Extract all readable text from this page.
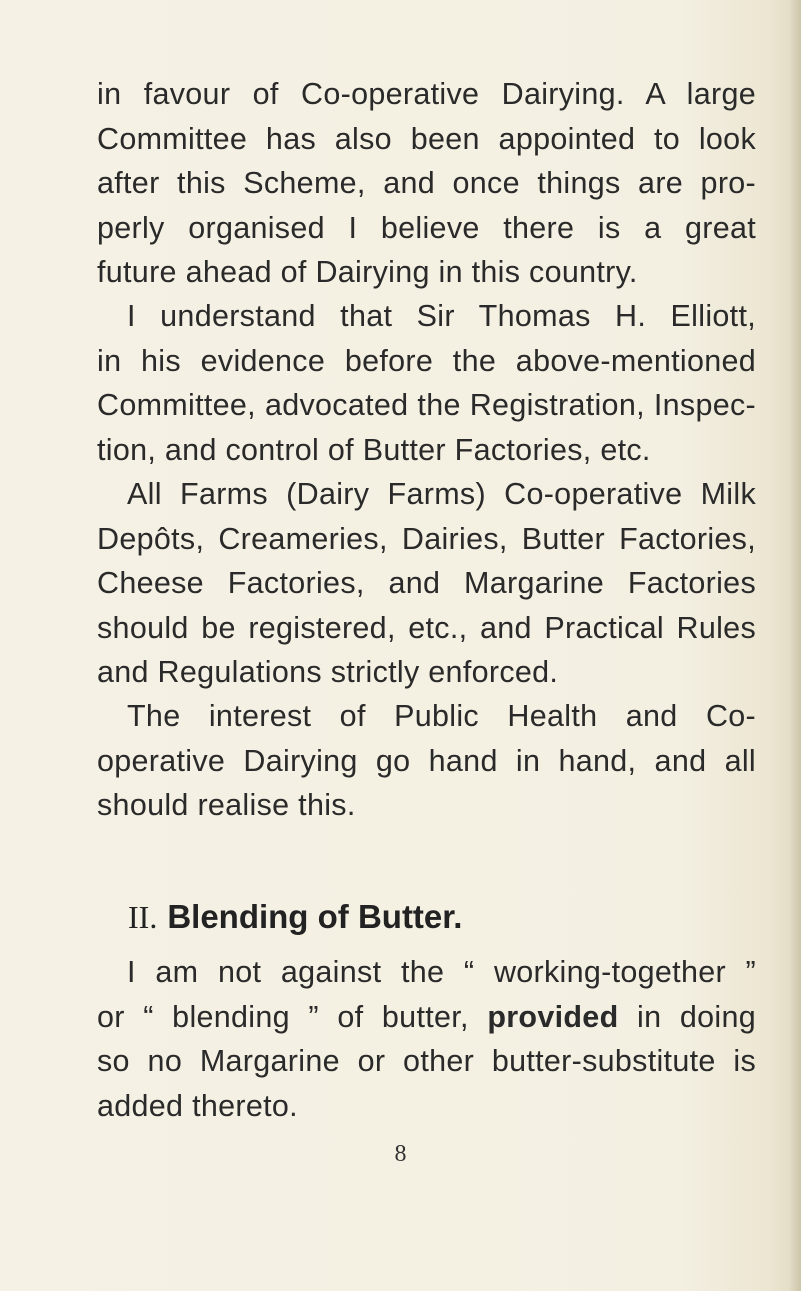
in favour of Co-operative Dairying. A large
Committee has also been appointed to look
after this Scheme, and once things are pro-
perly organised I believe there is a great
future ahead of Dairying in this country.
I understand that Sir Thomas H. Elliott,
in his evidence before the above-mentioned
Committee, advocated the Registration, Inspec-
tion, and control of Butter Factories, etc.
All Farms (Dairy Farms) Co-operative Milk
Depôts, Creameries, Dairies, Butter Factories,
Cheese Factories, and Margarine Factories
should be registered, etc., and Practical Rules
and Regulations strictly enforced.
The interest of Public Health and Co-
operative Dairying go hand in hand, and all
should realise this.
II. Blending of Butter.
I am not against the “ working-together ”
or “ blending ” of butter, provided in doing
so no Margarine or other butter-substitute is
added thereto.
8
